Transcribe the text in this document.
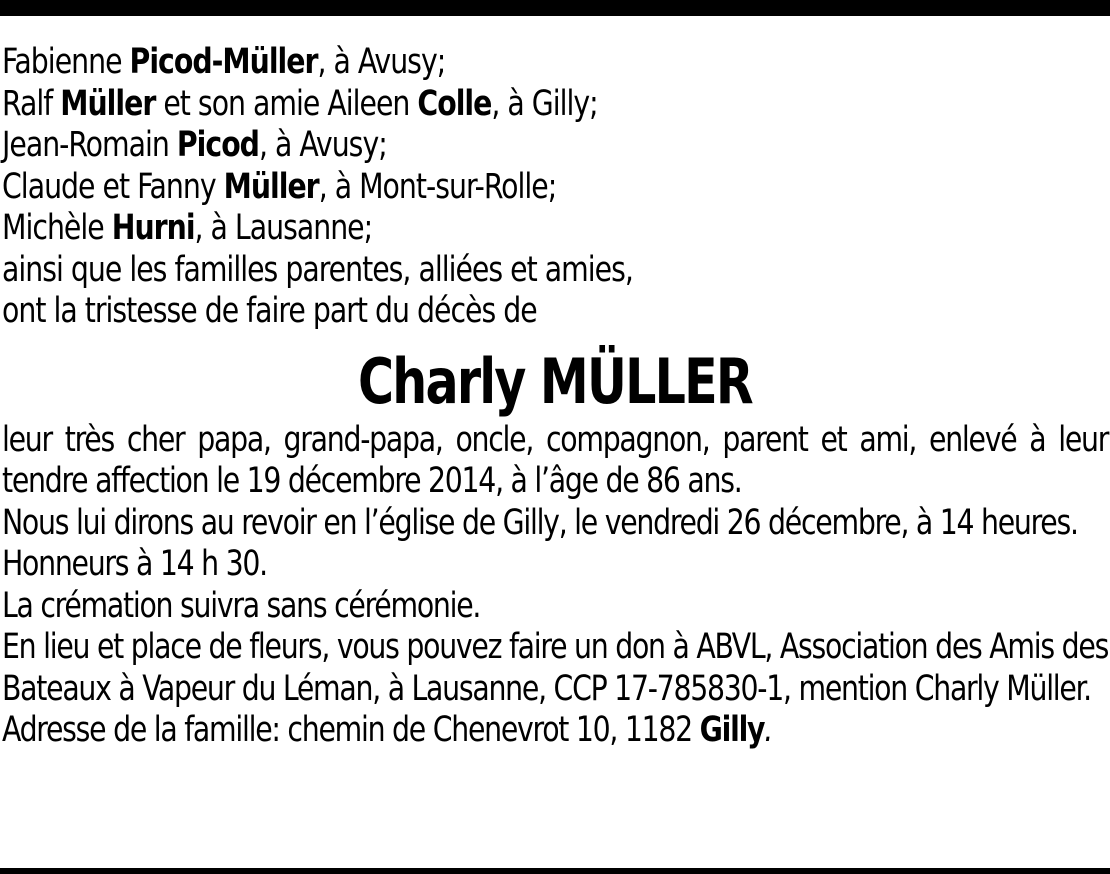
Fabienne Picod-Müller, à Avusy;
Ralf Müller et son amie Aileen Colle, à Gilly;
Jean-Romain Picod, à Avusy;
Claude et Fanny Müller, à Mont-sur-Rolle;
Michèle Hurni, à Lausanne;
ainsi que les familles parentes, alliées et amies,
ont la tristesse de faire part du décès de
Charly MÜLLER
leur très cher papa, grand-papa, oncle, compagnon, parent et ami, enlevé à leur tendre affection le 19 décembre 2014, à l’âge de 86 ans.
Nous lui dirons au revoir en l’église de Gilly, le vendredi 26 décembre, à 14 heures.
Honneurs à 14 h 30.
La crémation suivra sans cérémonie.
En lieu et place de fleurs, vous pouvez faire un don à ABVL, Association des Amis des Bateaux à Vapeur du Léman, à Lausanne, CCP 17-785830-1, mention Charly Müller.
Adresse de la famille: chemin de Chenevrot 10, 1182 Gilly.
